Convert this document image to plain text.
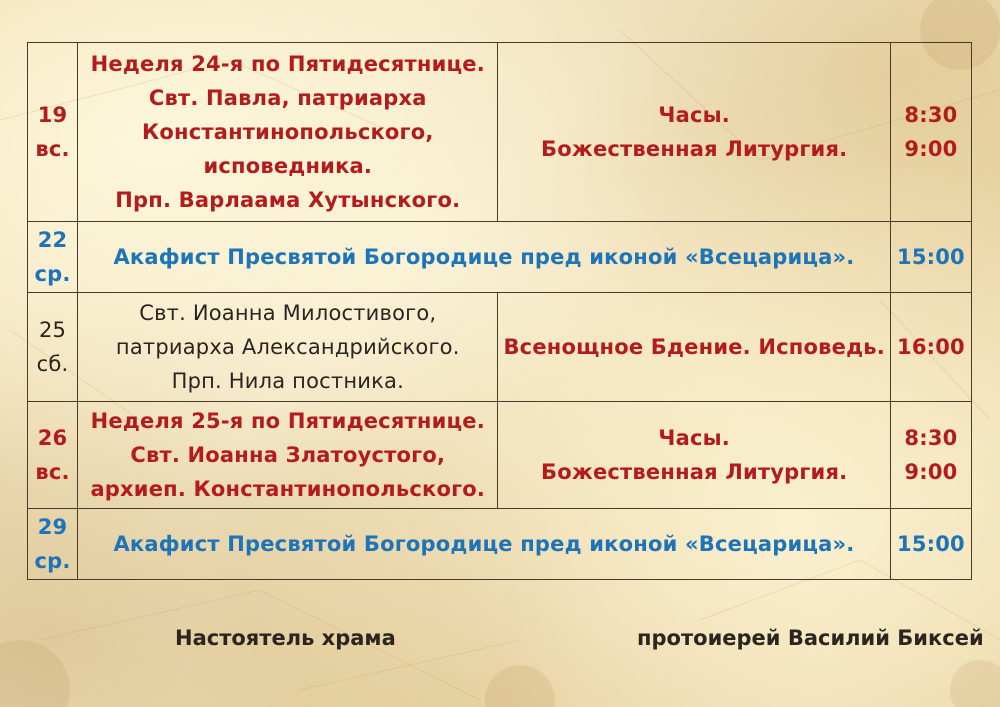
19
вс.	Неделя 24-я по Пятидесятнице.
Свт. Павла, патриарха
Константинопольского,
исповедника.
Прп. Варлаама Хутынского.	Часы.
Божественная Литургия.	8:30
9:00

22
ср.	Акафист Пресвятой Богородице пред иконой «Всецарица».		15:00

25
сб.	Свт. Иоанна Милостивого,
патриарха Александрийского.
Прп. Нила постника.	Всенощное Бдение. Исповедь.	16:00

26
вс.	Неделя 25-я по Пятидесятнице.
Свт. Иоанна Златоустого,
архиеп. Константинопольского.	Часы.
Божественная Литургия.	8:30
9:00

29
ср.	Акафист Пресвятой Богородице пред иконой «Всецарица».		15:00
Настоятель храма	протоиерей Василий Биксей
